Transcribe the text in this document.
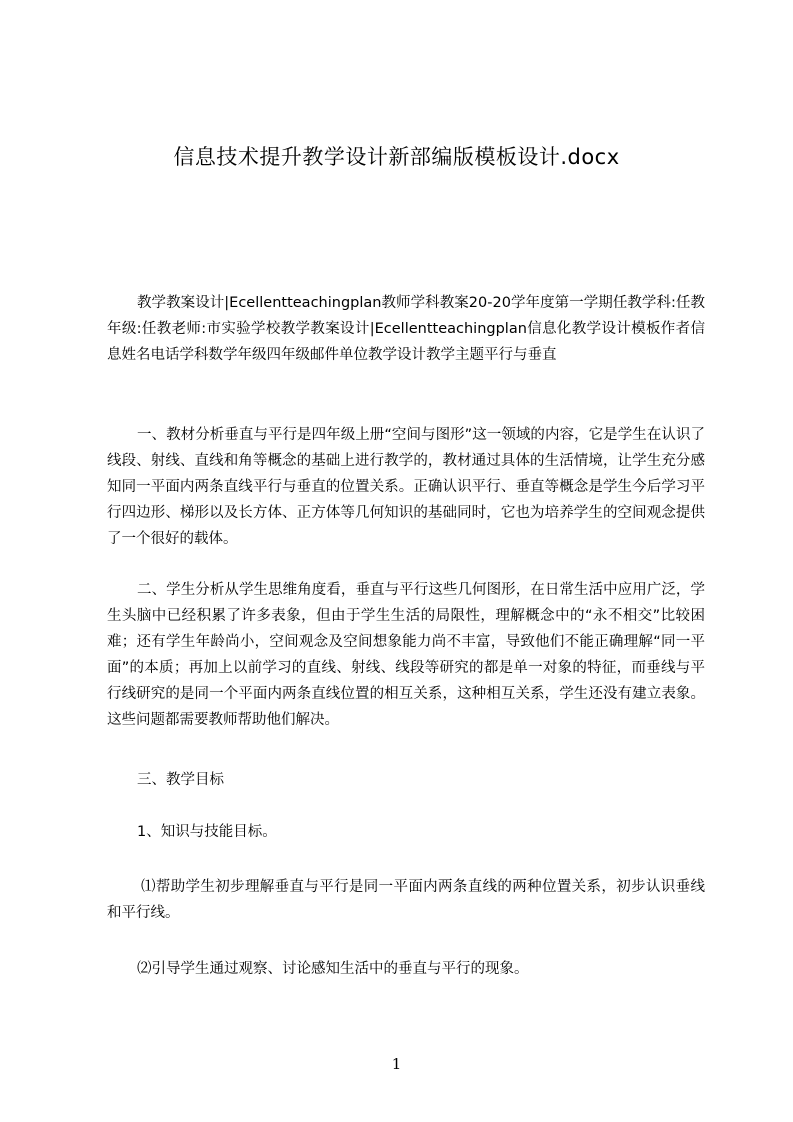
信息技术提升教学设计新部编版模板设计.docx
教学教案设计|Ecellentteachingplan教师学科教案20-20学年度第一学期任教学科:任教年级:任教老师:市实验学校教学教案设计|Ecellentteachingplan信息化教学设计模板作者信息姓名电话学科数学年级四年级邮件单位教学设计教学主题平行与垂直
一、教材分析垂直与平行是四年级上册“空间与图形”这一领域的内容，它是学生在认识了线段、射线、直线和角等概念的基础上进行教学的，教材通过具体的生活情境，让学生充分感知同一平面内两条直线平行与垂直的位置关系。正确认识平行、垂直等概念是学生今后学习平行四边形、梯形以及长方体、正方体等几何知识的基础同时，它也为培养学生的空间观念提供了一个很好的载体。
二、学生分析从学生思维角度看，垂直与平行这些几何图形，在日常生活中应用广泛，学生头脑中已经积累了许多表象，但由于学生生活的局限性，理解概念中的“永不相交”比较困难；还有学生年龄尚小，空间观念及空间想象能力尚不丰富，导致他们不能正确理解“同一平面”的本质；再加上以前学习的直线、射线、线段等研究的都是单一对象的特征，而垂线与平行线研究的是同一个平面内两条直线位置的相互关系，这种相互关系，学生还没有建立表象。这些问题都需要教师帮助他们解决。
三、教学目标
1、知识与技能目标。
⑴帮助学生初步理解垂直与平行是同一平面内两条直线的两种位置关系，初步认识垂线和平行线。
⑵引导学生通过观察、讨论感知生活中的垂直与平行的现象。
1
